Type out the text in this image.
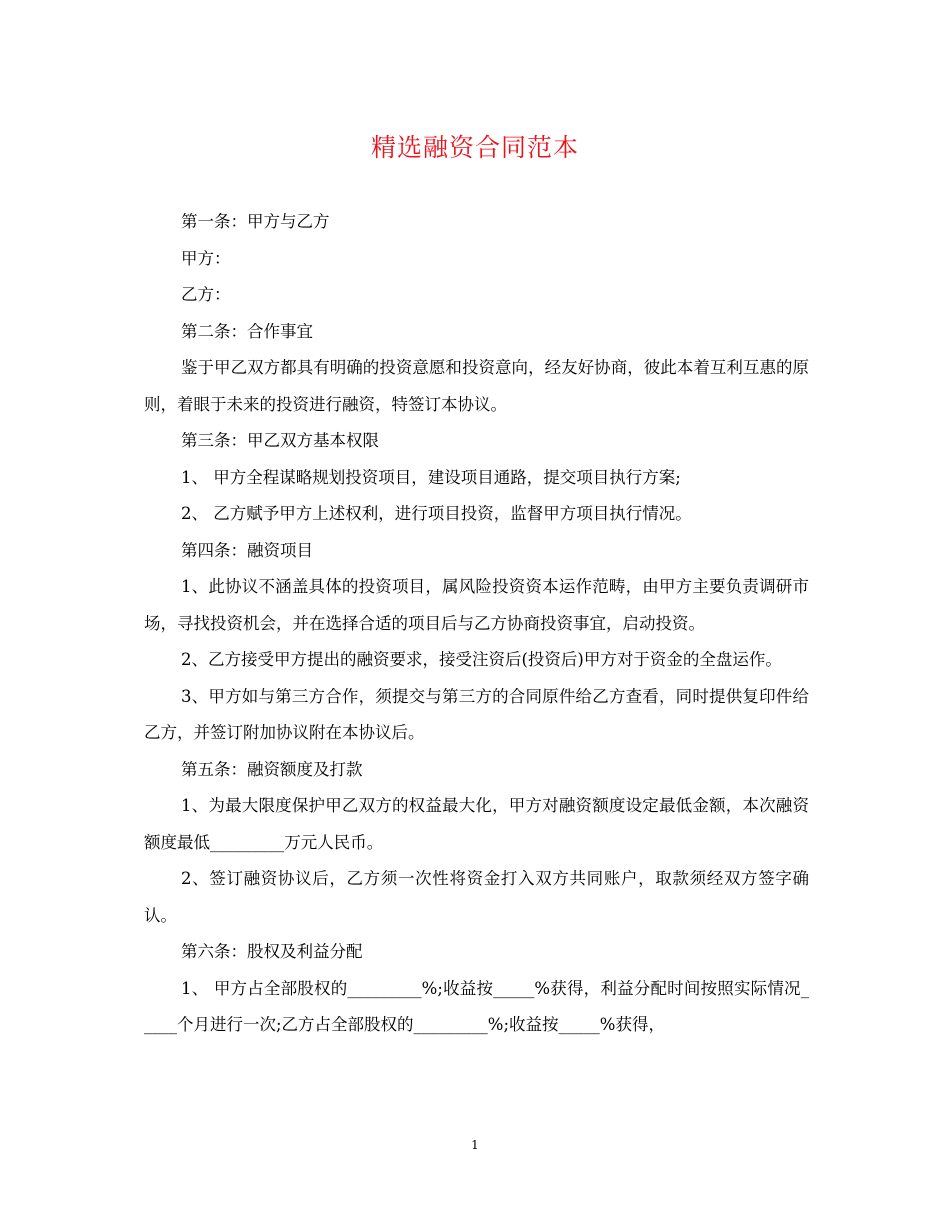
精选融资合同范本

第一条：甲方与乙方

甲方：

乙方：

第二条：合作事宜

鉴于甲乙双方都具有明确的投资意愿和投资意向，经友好协商，彼此本着互利互惠的原则，着眼于未来的投资进行融资，特签订本协议。

第三条：甲乙双方基本权限

1、 甲方全程谋略规划投资项目，建设项目通路，提交项目执行方案;

2、 乙方赋予甲方上述权利，进行项目投资，监督甲方项目执行情况。

第四条：融资项目

1、此协议不涵盖具体的投资项目，属风险投资资本运作范畴，由甲方主要负责调研市场，寻找投资机会，并在选择合适的项目后与乙方协商投资事宜，启动投资。

2、乙方接受甲方提出的融资要求，接受注资后(投资后)甲方对于资金的全盘运作。

3、甲方如与第三方合作，须提交与第三方的合同原件给乙方查看，同时提供复印件给乙方，并签订附加协议附在本协议后。

第五条：融资额度及打款

1、为最大限度保护甲乙双方的权益最大化，甲方对融资额度设定最低金额，本次融资额度最低_________万元人民币。

2、签订融资协议后，乙方须一次性将资金打入双方共同账户，取款须经双方签字确认。

第六条：股权及利益分配

1、 甲方占全部股权的_________%;收益按_____%获得，利益分配时间按照实际情况_____个月进行一次;乙方占全部股权的_________%;收益按_____%获得，

1
